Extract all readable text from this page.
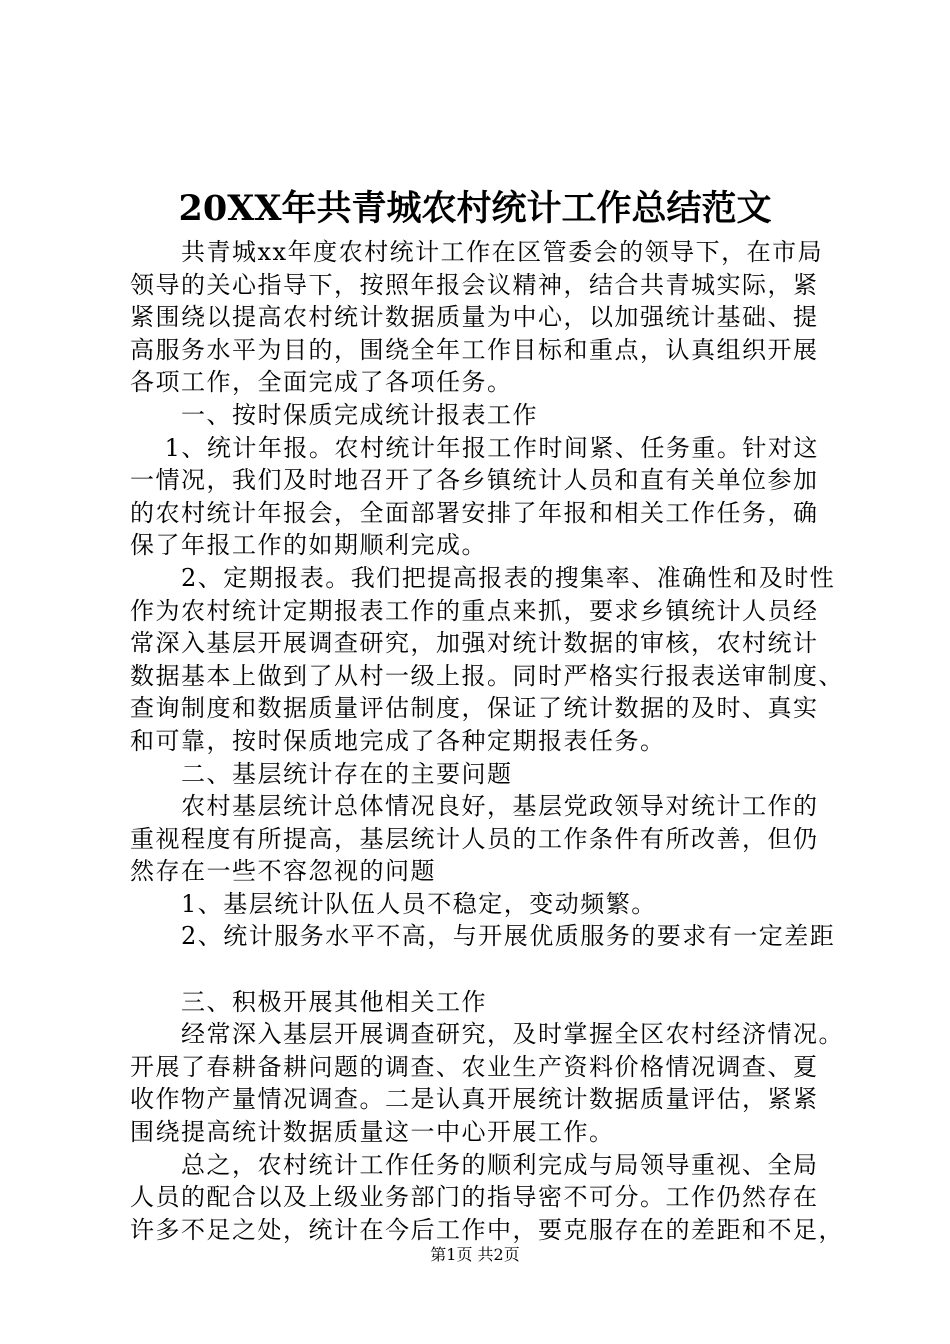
20XX年共青城农村统计工作总结范文
　　共青城xx年度农村统计工作在区管委会的领导下，在市局
领导的关心指导下，按照年报会议精神，结合共青城实际，紧
紧围绕以提高农村统计数据质量为中心，以加强统计基础、提
高服务水平为目的，围绕全年工作目标和重点，认真组织开展
各项工作，全面完成了各项任务。
　　一、按时保质完成统计报表工作
　 1、统计年报。农村统计年报工作时间紧、任务重。针对这
一情况，我们及时地召开了各乡镇统计人员和直有关单位参加
的农村统计年报会，全面部署安排了年报和相关工作任务，确
保了年报工作的如期顺利完成。
　　2、定期报表。我们把提高报表的搜集率、准确性和及时性
作为农村统计定期报表工作的重点来抓，要求乡镇统计人员经
常深入基层开展调查研究，加强对统计数据的审核，农村统计
数据基本上做到了从村一级上报。同时严格实行报表送审制度、
查询制度和数据质量评估制度，保证了统计数据的及时、真实
和可靠，按时保质地完成了各种定期报表任务。
　　二、基层统计存在的主要问题
　　农村基层统计总体情况良好，基层党政领导对统计工作的
重视程度有所提高，基层统计人员的工作条件有所改善，但仍
然存在一些不容忽视的问题
　　1、基层统计队伍人员不稳定，变动频繁。
　　2、统计服务水平不高，与开展优质服务的要求有一定差距
　　三、积极开展其他相关工作
　　经常深入基层开展调查研究，及时掌握全区农村经济情况。
开展了春耕备耕问题的调查、农业生产资料价格情况调查、夏
收作物产量情况调查。二是认真开展统计数据质量评估，紧紧
围绕提高统计数据质量这一中心开展工作。
　　总之，农村统计工作任务的顺利完成与局领导重视、全局
人员的配合以及上级业务部门的指导密不可分。工作仍然存在
许多不足之处，统计在今后工作中，要克服存在的差距和不足，
第1页 共2页
